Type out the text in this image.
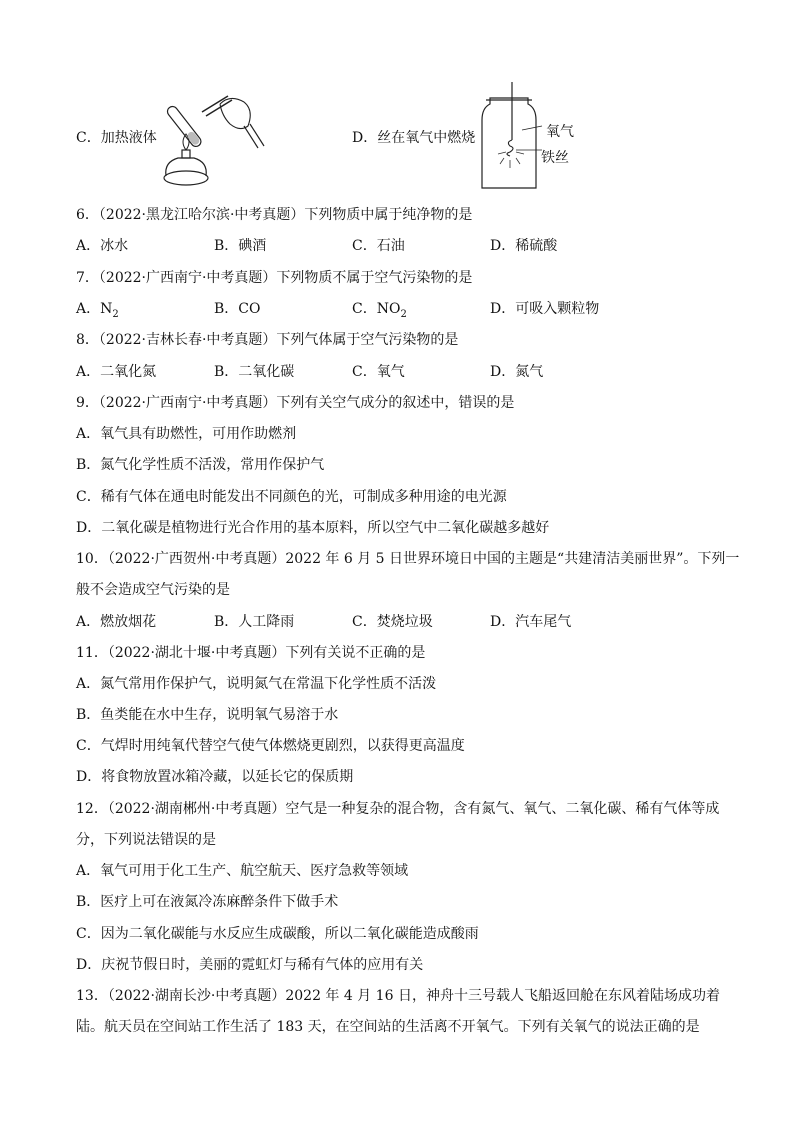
C．加热液体	D．丝在氧气中燃烧	氧气
铁丝
6．（2022·黑龙江哈尔滨·中考真题）下列物质中属于纯净物的是
A．冰水	B．碘酒	C．石油	D．稀硫酸
7．（2022·广西南宁·中考真题）下列物质不属于空气污染物的是
A．$N_2$	B．CO	C．$NO_2$	D．可吸入颗粒物
8．（2022·吉林长春·中考真题）下列气体属于空气污染物的是
A．二氧化氮	B．二氧化碳	C．氧气	D．氮气
9．（2022·广西南宁·中考真题）下列有关空气成分的叙述中，错误的是
A．氧气具有助燃性，可用作助燃剂
B．氮气化学性质不活泼，常用作保护气
C．稀有气体在通电时能发出不同颜色的光，可制成多种用途的电光源
D．二氧化碳是植物进行光合作用的基本原料，所以空气中二氧化碳越多越好
10．（2022·广西贺州·中考真题）2022 年 6 月 5 日世界环境日中国的主题是“共建清洁美丽世界”。下列一
般不会造成空气污染的是
A．燃放烟花	B．人工降雨	C．焚烧垃圾	D．汽车尾气
11．（2022·湖北十堰·中考真题）下列有关说不正确的是
A．氮气常用作保护气，说明氮气在常温下化学性质不活泼
B．鱼类能在水中生存，说明氧气易溶于水
C．气焊时用纯氧代替空气使气体燃烧更剧烈，以获得更高温度
D．将食物放置冰箱冷藏，以延长它的保质期
12．（2022·湖南郴州·中考真题）空气是一种复杂的混合物，含有氮气、氧气、二氧化碳、稀有气体等成
分，下列说法错误的是
A．氧气可用于化工生产、航空航天、医疗急救等领域
B．医疗上可在液氮冷冻麻醉条件下做手术
C．因为二氧化碳能与水反应生成碳酸，所以二氧化碳能造成酸雨
D．庆祝节假日时，美丽的霓虹灯与稀有气体的应用有关
13．（2022·湖南长沙·中考真题）2022 年 4 月 16 日，神舟十三号载人飞船返回舱在东风着陆场成功着
陆。航天员在空间站工作生活了 183 天，在空间站的生活离不开氧气。下列有关氧气的说法正确的是
